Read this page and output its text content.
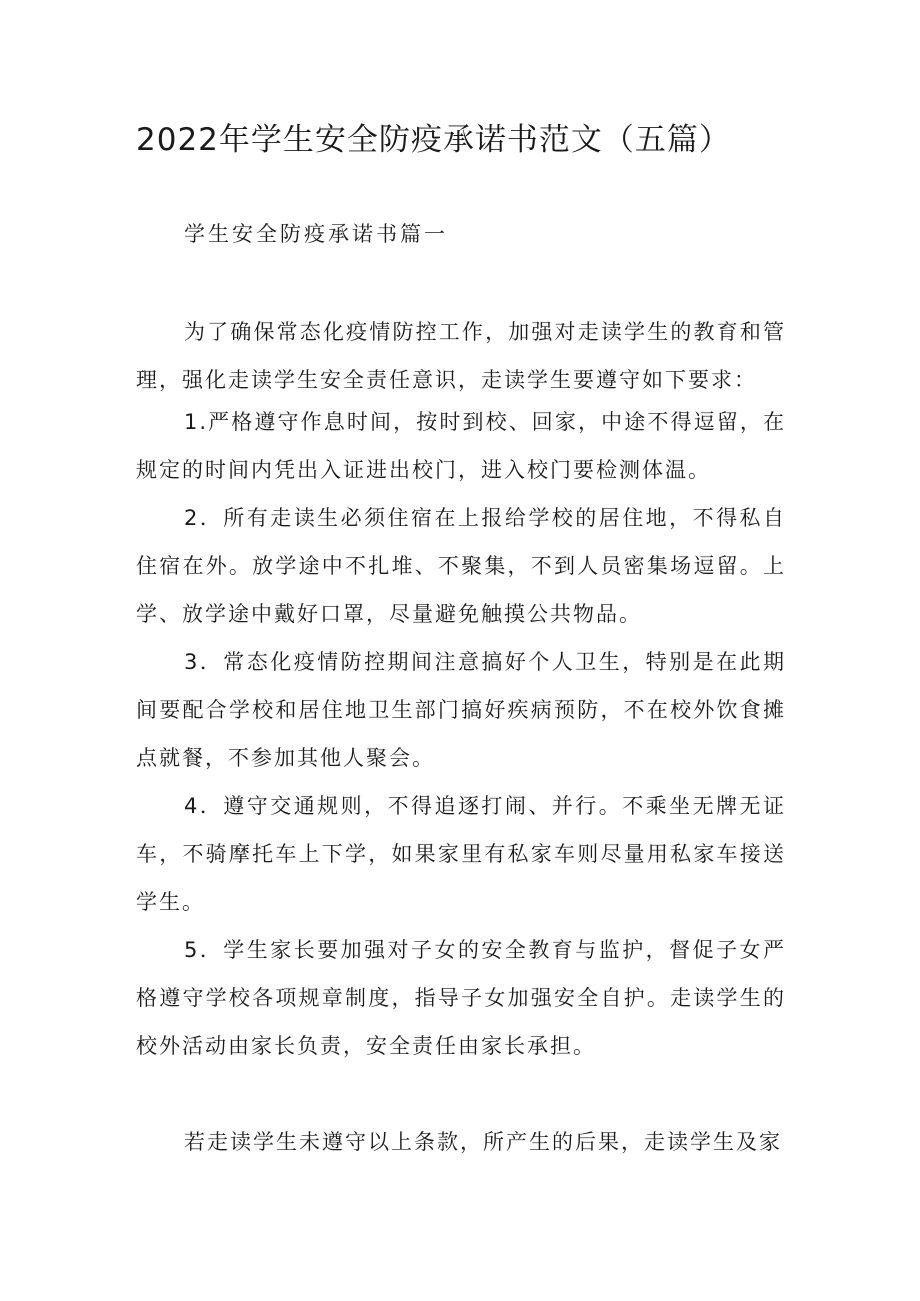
2022年学生安全防疫承诺书范文（五篇）

学生安全防疫承诺书篇一

为了确保常态化疫情防控工作，加强对走读学生的教育和管理，强化走读学生安全责任意识，走读学生要遵守如下要求：

1.严格遵守作息时间，按时到校、回家，中途不得逗留，在规定的时间内凭出入证进出校门，进入校门要检测体温。

2．所有走读生必须住宿在上报给学校的居住地，不得私自住宿在外。放学途中不扎堆、不聚集，不到人员密集场逗留。上学、放学途中戴好口罩，尽量避免触摸公共物品。

3．常态化疫情防控期间注意搞好个人卫生，特别是在此期间要配合学校和居住地卫生部门搞好疾病预防，不在校外饮食摊点就餐，不参加其他人聚会。

4．遵守交通规则，不得追逐打闹、并行。不乘坐无牌无证车，不骑摩托车上下学，如果家里有私家车则尽量用私家车接送学生。

5．学生家长要加强对子女的安全教育与监护，督促子女严格遵守学校各项规章制度，指导子女加强安全自护。走读学生的校外活动由家长负责，安全责任由家长承担。

若走读学生未遵守以上条款，所产生的后果，走读学生及家
